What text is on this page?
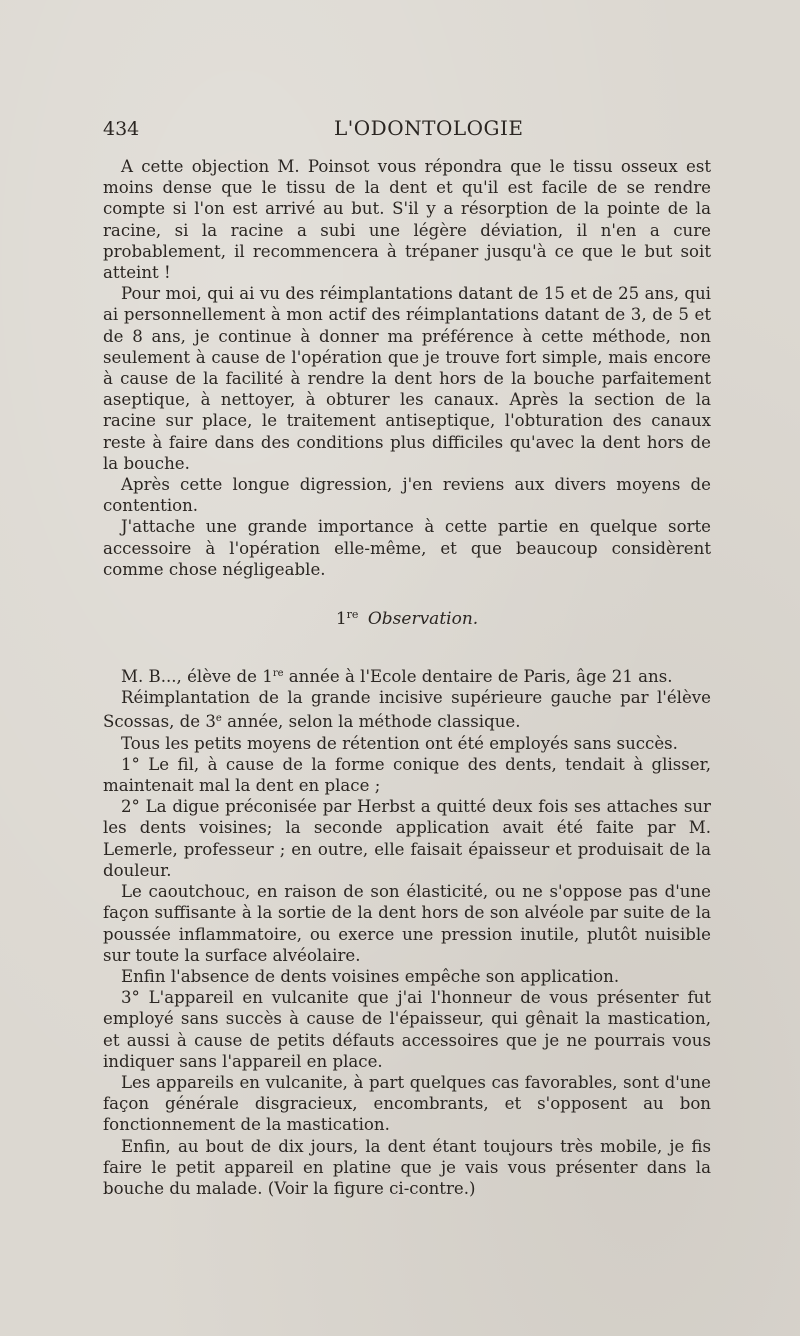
434	L'ODONTOLOGIE

A cette objection M. Poinsot vous répondra que le tissu osseux est moins dense que le tissu de la dent et qu'il est facile de se rendre compte si l'on est arrivé au but. S'il y a résorption de la pointe de la racine, si la racine a subi une légère déviation, il n'en a cure probablement, il recommencera à trépaner jusqu'à ce que le but soit atteint !

Pour moi, qui ai vu des réimplantations datant de 15 et de 25 ans, qui ai personnellement à mon actif des réimplantations datant de 3, de 5 et de 8 ans, je continue à donner ma préférence à cette méthode, non seulement à cause de l'opération que je trouve fort simple, mais encore à cause de la facilité à rendre la dent hors de la bouche parfaitement aseptique, à nettoyer, à obturer les canaux. Après la section de la racine sur place, le traitement antiseptique, l'obturation des canaux reste à faire dans des conditions plus difficiles qu'avec la dent hors de la bouche.

Après cette longue digression, j'en reviens aux divers moyens de contention.

J'attache une grande importance à cette partie en quelque sorte accessoire à l'opération elle-même, et que beaucoup considèrent comme chose négligeable.

1re Observation.

M. B..., élève de 1re année à l'Ecole dentaire de Paris, âge 21 ans.

Réimplantation de la grande incisive supérieure gauche par l'élève Scossas, de 3e année, selon la méthode classique.

Tous les petits moyens de rétention ont été employés sans succès.

1° Le fil, à cause de la forme conique des dents, tendait à glisser, maintenait mal la dent en place ;

2° La digue préconisée par Herbst a quitté deux fois ses attaches sur les dents voisines; la seconde application avait été faite par M. Lemerle, professeur ; en outre, elle faisait épaisseur et produisait de la douleur.

Le caoutchouc, en raison de son élasticité, ou ne s'oppose pas d'une façon suffisante à la sortie de la dent hors de son alvéole par suite de la poussée inflammatoire, ou exerce une pression inutile, plutôt nuisible sur toute la surface alvéolaire.

Enfin l'absence de dents voisines empêche son application.

3° L'appareil en vulcanite que j'ai l'honneur de vous présenter fut employé sans succès à cause de l'épaisseur, qui gênait la mastication, et aussi à cause de petits défauts accessoires que je ne pourrais vous indiquer sans l'appareil en place.

Les appareils en vulcanite, à part quelques cas favorables, sont d'une façon générale disgracieux, encombrants, et s'opposent au bon fonctionnement de la mastication.

Enfin, au bout de dix jours, la dent étant toujours très mobile, je fis faire le petit appareil en platine que je vais vous présenter dans la bouche du malade. (Voir la figure ci-contre.)
